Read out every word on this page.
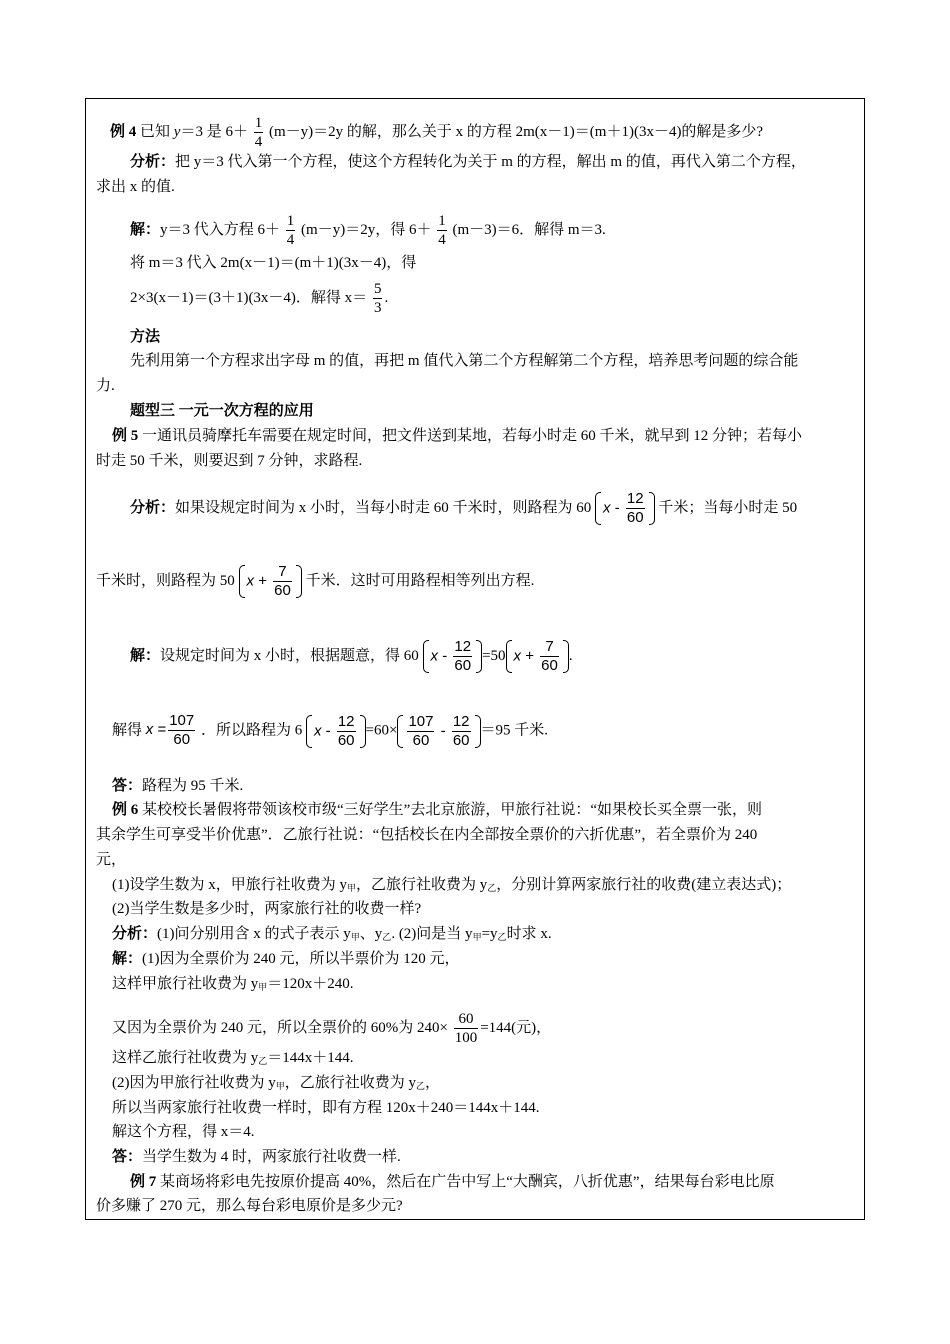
例 4 已知 y＝3 是 $6+ \frac{1}{4} (m-y)=2y$ 的解，那么关于 x 的方程 2m(x－1)＝(m＋1)(3x－4)的解是多少?
分析：把 y＝3 代入第一个方程，使这个方程转化为关于 m 的方程，解出 m 的值，再代入第二个方程，
求出 x 的值.
解：y＝3 代入方程 $6+ \frac{1}{4} (m-y)=2y$，得 $6+ \frac{1}{4} (m-3)=6$．解得 m＝3.
将 m＝3 代入 2m(x－1)＝(m＋1)(3x－4)，得
2×3(x－1)＝(3＋1)(3x－4)．解得 $x= \frac{5}{3}$ .
方法
先利用第一个方程求出字母 m 的值，再把 m 值代入第二个方程解第二个方程，培养思考问题的综合能
力.
题型三 一元一次方程的应用
例 5 一通讯员骑摩托车需要在规定时间，把文件送到某地，若每小时走 60 千米，就早到 12 分钟；若每小
时走 50 千米，则要迟到 7 分钟，求路程.
分析：如果设规定时间为 x 小时，当每小时走 60 千米时，则路程为 60 x - $\frac{12}{60}$ 千米；当每小时走 50
千米时，则路程为 50 $x + \frac{7}{60}$ 千米．这时可用路程相等列出方程.
解：设规定时间为 x 小时，根据题意，得 60 $x - \frac{12}{60} =50$ $x + \frac{7}{60}$ .
解得 $x = \frac{107}{60}$ ．所以路程为 6 $x - \frac{12}{60} =60\times \frac{107}{60} - \frac{12}{60} =95$ 千米.
答：路程为 95 千米.
例 6 某校校长暑假将带领该校市级“三好学生”去北京旅游，甲旅行社说：“如果校长买全票一张，则
其余学生可享受半价优惠”．乙旅行社说：“包括校长在内全部按全票价的六折优惠”，若全票价为 240
元，
(1)设学生数为 x，甲旅行社收费为 $y_甲$，乙旅行社收费为 $y_乙$，分别计算两家旅行社的收费(建立表达式)；
(2)当学生数是多少时，两家旅行社的收费一样?
分析：(1)问分别用含 x 的式子表示 $y_甲$、$y_乙$. (2)问是当 $y_甲=y_乙$时求 x.
解：(1)因为全票价为 240 元，所以半票价为 120 元，
这样甲旅行社收费为 $y_甲=120x+240$.
又因为全票价为 240 元，所以全票价的 60%为 $240\times \frac{60}{100} =144$(元)，
这样乙旅行社收费为 $y_乙=144x+144$.
(2)因为甲旅行社收费为 $y_甲$，乙旅行社收费为 $y_乙$，
所以当两家旅行社收费一样时，即有方程 120x＋240＝144x＋144.
解这个方程，得 x＝4.
答：当学生数为 4 时，两家旅行社收费一样.
例 7 某商场将彩电先按原价提高 40%，然后在广告中写上“大酬宾，八折优惠”，结果每台彩电比原
价多赚了 270 元，那么每台彩电原价是多少元?
